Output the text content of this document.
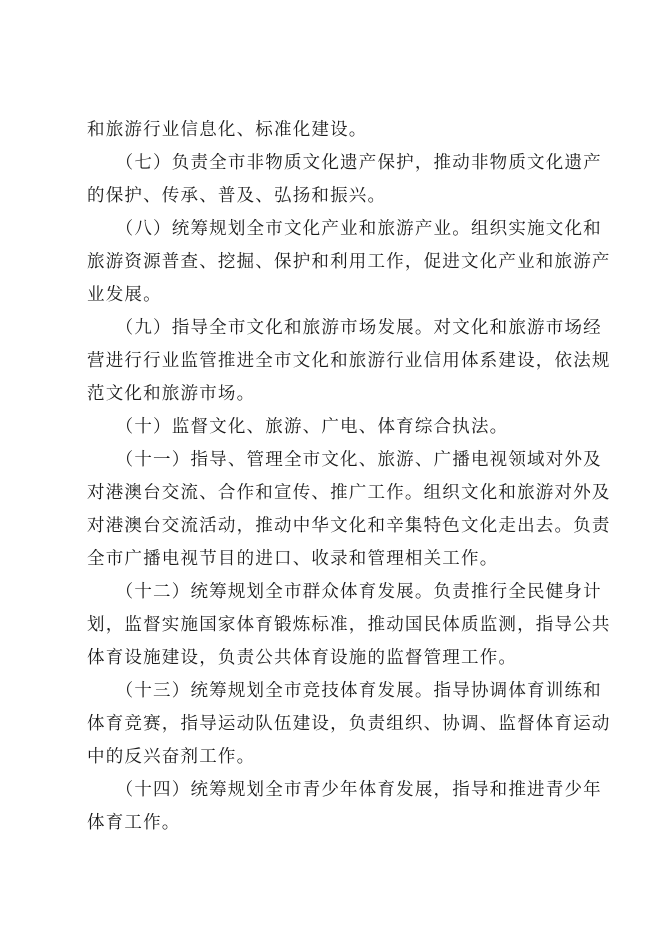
和旅游行业信息化、标准化建设。
　　（七）负责全市非物质文化遗产保护，推动非物质文化遗产
的保护、传承、普及、弘扬和振兴。
　　（八）统筹规划全市文化产业和旅游产业。组织实施文化和
旅游资源普查、挖掘、保护和利用工作，促进文化产业和旅游产
业发展。
　　（九）指导全市文化和旅游市场发展。对文化和旅游市场经
营进行行业监管推进全市文化和旅游行业信用体系建设，依法规
范文化和旅游市场。
　　（十）监督文化、旅游、广电、体育综合执法。
　　（十一）指导、管理全市文化、旅游、广播电视领域对外及
对港澳台交流、合作和宣传、推广工作。组织文化和旅游对外及
对港澳台交流活动，推动中华文化和辛集特色文化走出去。负责
全市广播电视节目的进口、收录和管理相关工作。
　　（十二）统筹规划全市群众体育发展。负责推行全民健身计
划，监督实施国家体育锻炼标准，推动国民体质监测，指导公共
体育设施建设，负责公共体育设施的监督管理工作。
　　（十三）统筹规划全市竞技体育发展。指导协调体育训练和
体育竞赛，指导运动队伍建设，负责组织、协调、监督体育运动
中的反兴奋剂工作。
　　（十四）统筹规划全市青少年体育发展，指导和推进青少年
体育工作。
